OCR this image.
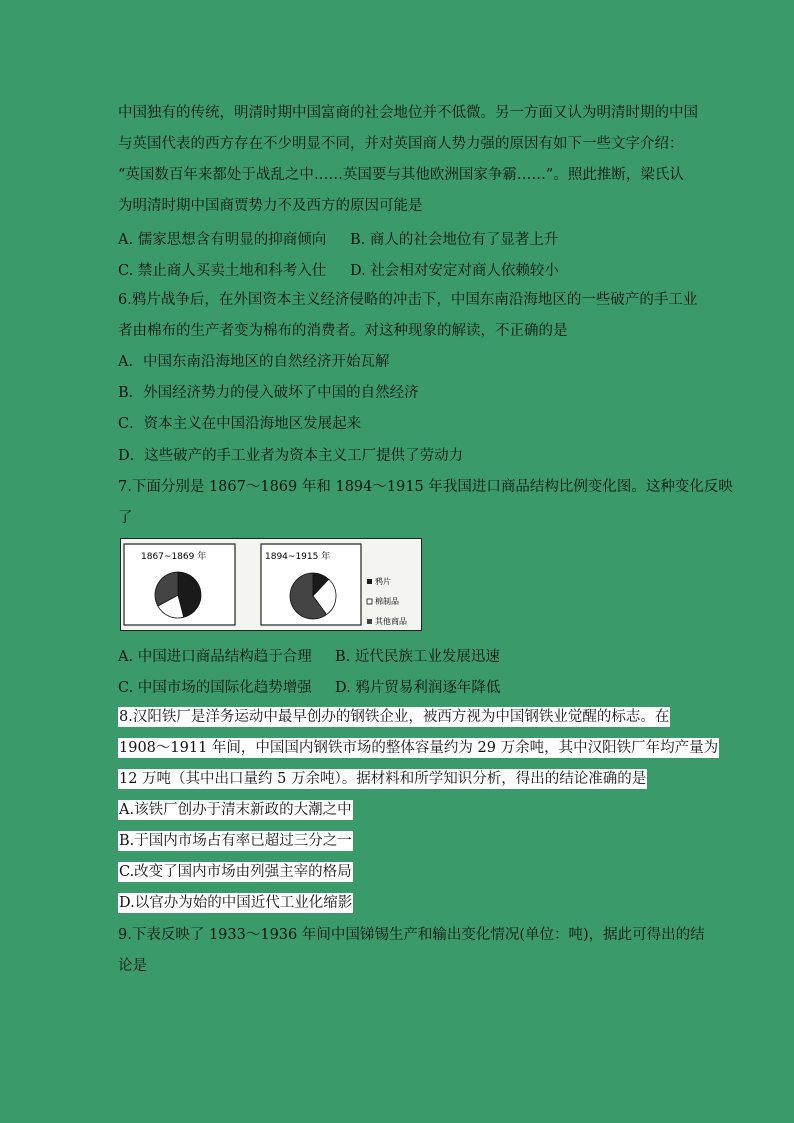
中国独有的传统，明清时期中国富商的社会地位并不低微。另一方面又认为明清时期的中国
与英国代表的西方存在不少明显不同，并对英国商人势力强的原因有如下一些文字介绍：
“英国数百年来都处于战乱之中……英国要与其他欧洲国家争霸……”。照此推断，梁氏认
为明清时期中国商贾势力不及西方的原因可能是
A. 儒家思想含有明显的抑商倾向 B. 商人的社会地位有了显著上升
C. 禁止商人买卖土地和科考入仕 D. 社会相对安定对商人依赖较小
6.鸦片战争后，在外国资本主义经济侵略的冲击下，中国东南沿海地区的一些破产的手工业
者由棉布的生产者变为棉布的消费者。对这种现象的解读，不正确的是
A．中国东南沿海地区的自然经济开始瓦解
B．外国经济势力的侵入破坏了中国的自然经济
C．资本主义在中国沿海地区发展起来
D．这些破产的手工业者为资本主义工厂提供了劳动力
7.下面分别是 1867～1869 年和 1894～1915 年我国进口商品结构比例变化图。这种变化反映
了
1867~1869 年	1894~1915 年
鸦片
棉制品
其他商品
A. 中国进口商品结构趋于合理 B. 近代民族工业发展迅速
C. 中国市场的国际化趋势增强 D. 鸦片贸易利润逐年降低
8.汉阳铁厂是洋务运动中最早创办的钢铁企业，被西方视为中国钢铁业觉醒的标志。在
1908～1911 年间，中国国内钢铁市场的整体容量约为 29 万余吨，其中汉阳铁厂年均产量为
12 万吨（其中出口量约 5 万余吨）。据材料和所学知识分析，得出的结论准确的是
A.该铁厂创办于清末新政的大潮之中
B.于国内市场占有率已超过三分之一
C.改变了国内市场由列强主宰的格局
D.以官办为始的中国近代工业化缩影
9.下表反映了 1933～1936 年间中国锑锡生产和输出变化情况(单位：吨)，据此可得出的结
论是
